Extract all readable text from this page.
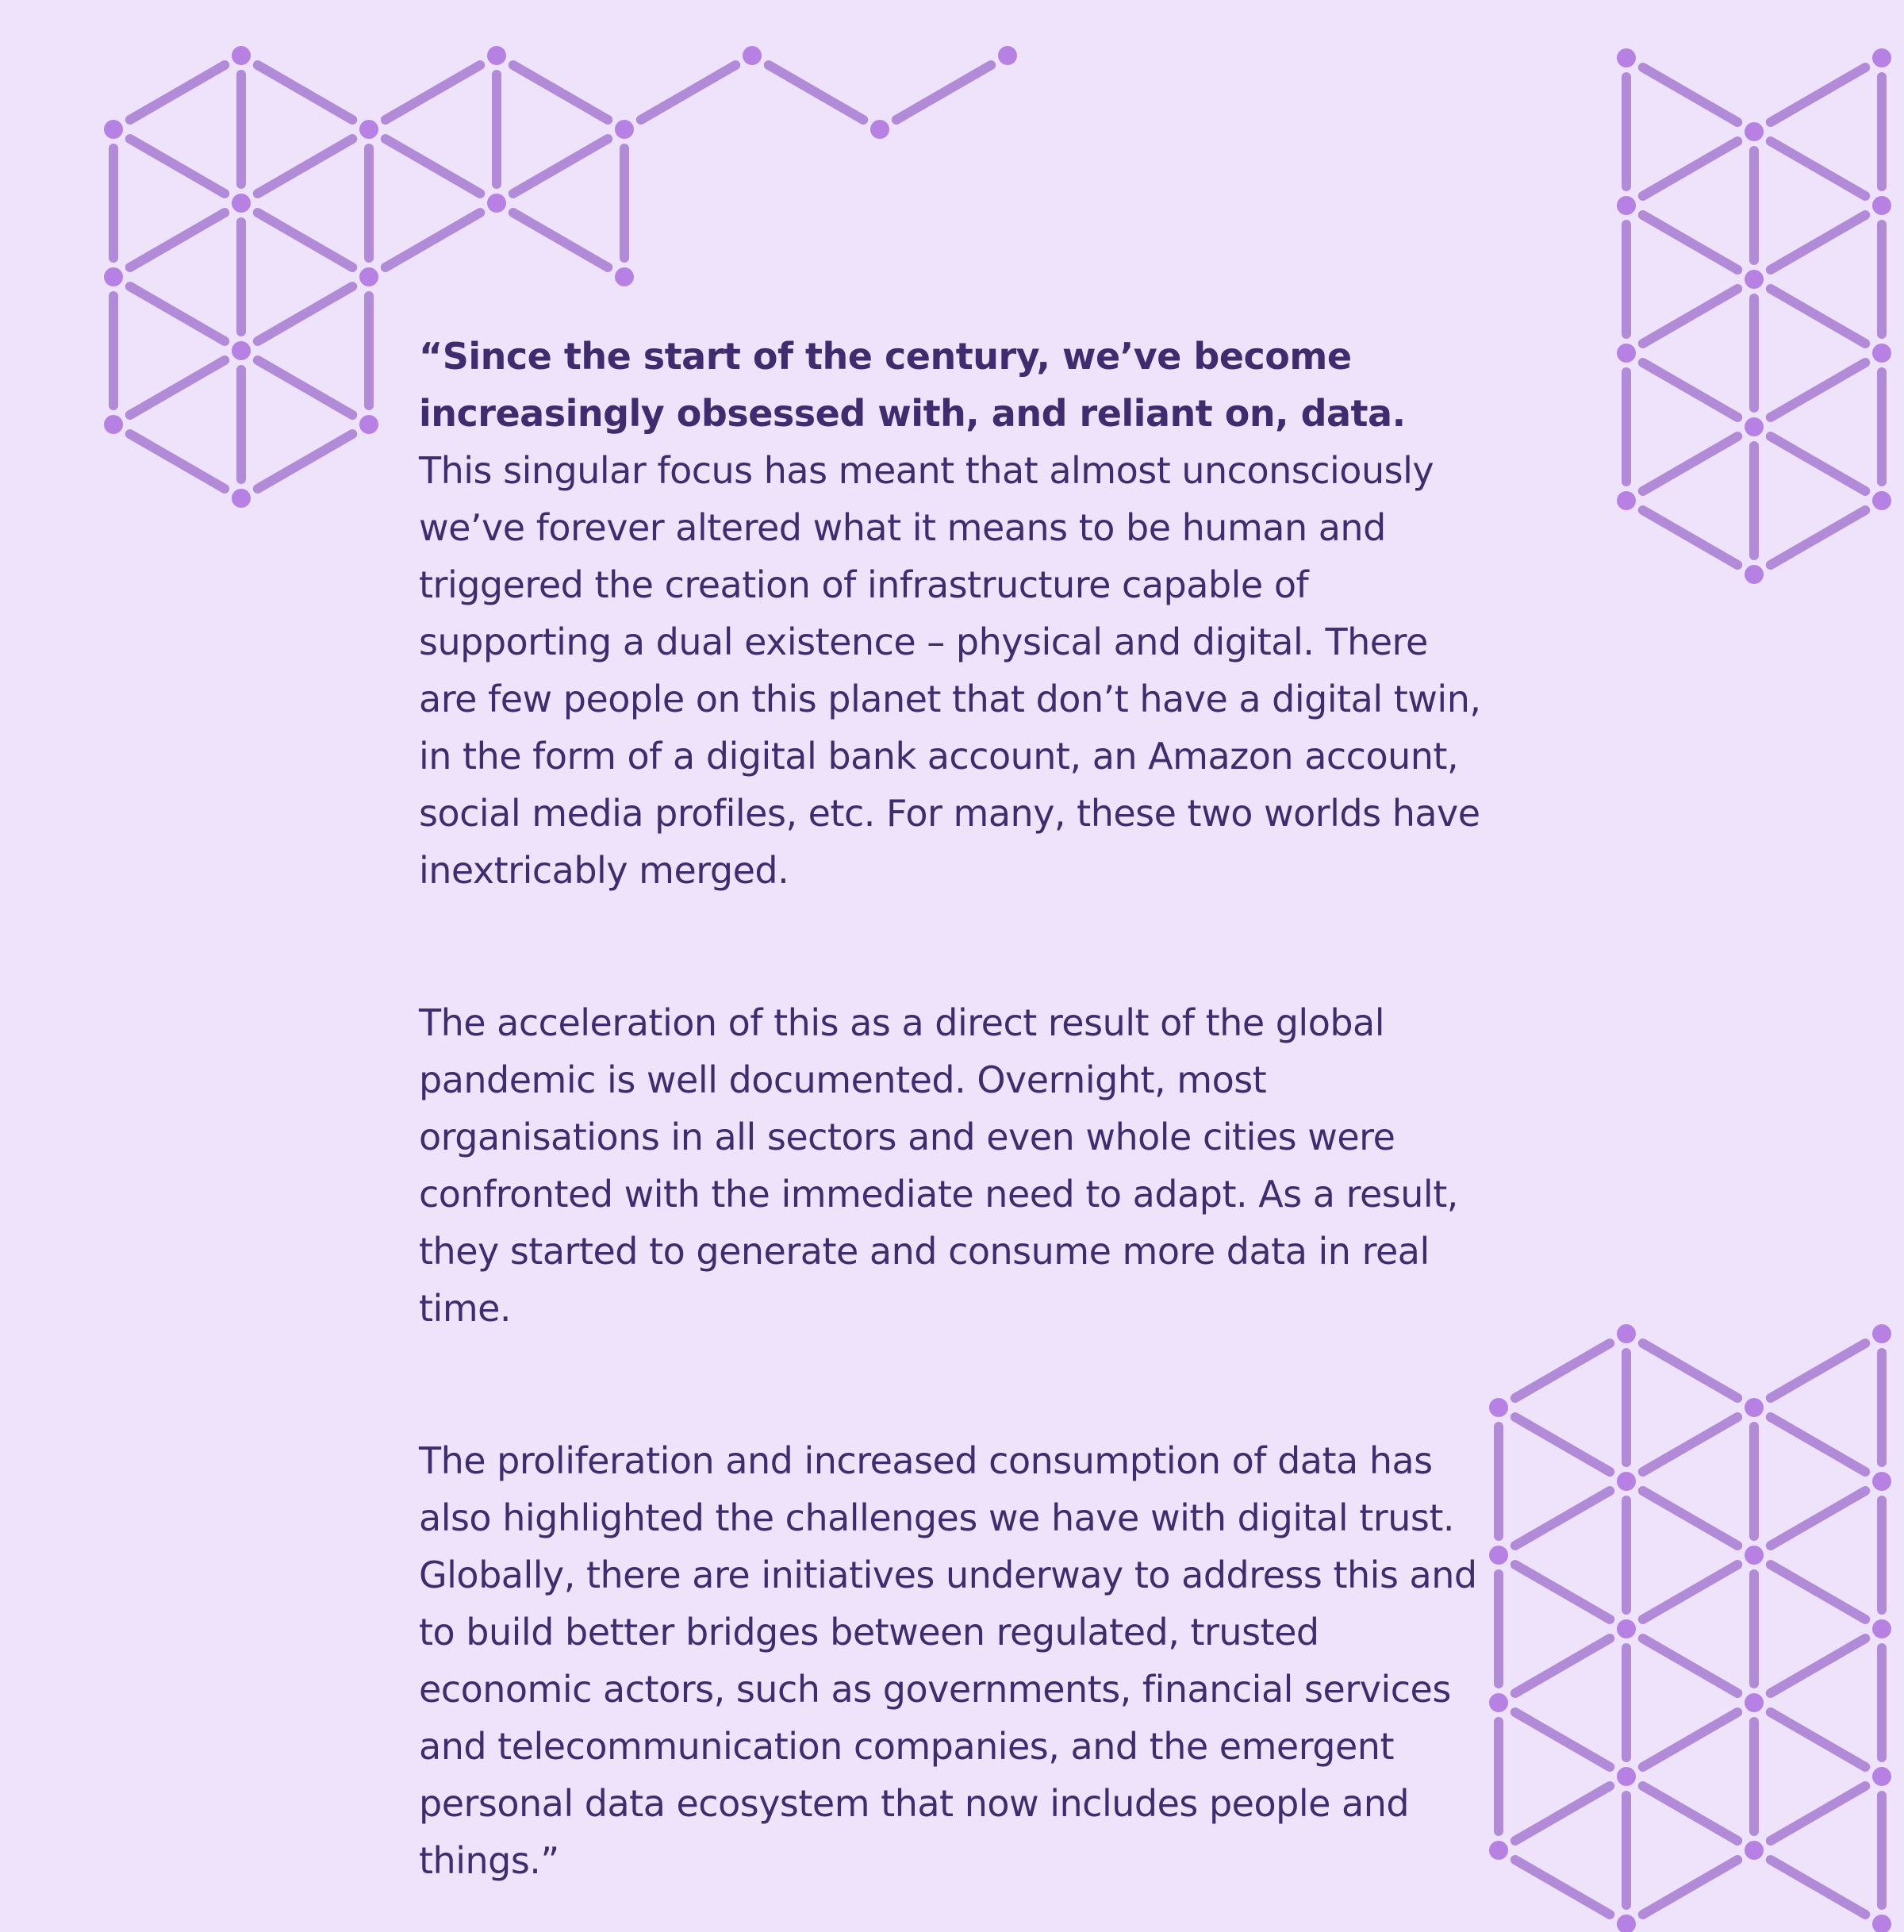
“Since the start of the century, we’ve become increasingly obsessed with, and reliant on, data. This singular focus has meant that almost unconsciously we’ve forever altered what it means to be human and triggered the creation of infrastructure capable of supporting a dual existence – physical and digital. There are few people on this planet that don’t have a digital twin, in the form of a digital bank account, an Amazon account, social media profiles, etc. For many, these two worlds have inextricably merged.

The acceleration of this as a direct result of the global pandemic is well documented. Overnight, most organisations in all sectors and even whole cities were confronted with the immediate need to adapt. As a result, they started to generate and consume more data in real time.

The proliferation and increased consumption of data has also highlighted the challenges we have with digital trust. Globally, there are initiatives underway to address this and to build better bridges between regulated, trusted economic actors, such as governments, financial services and telecommunication companies, and the emergent personal data ecosystem that now includes people and things.”
